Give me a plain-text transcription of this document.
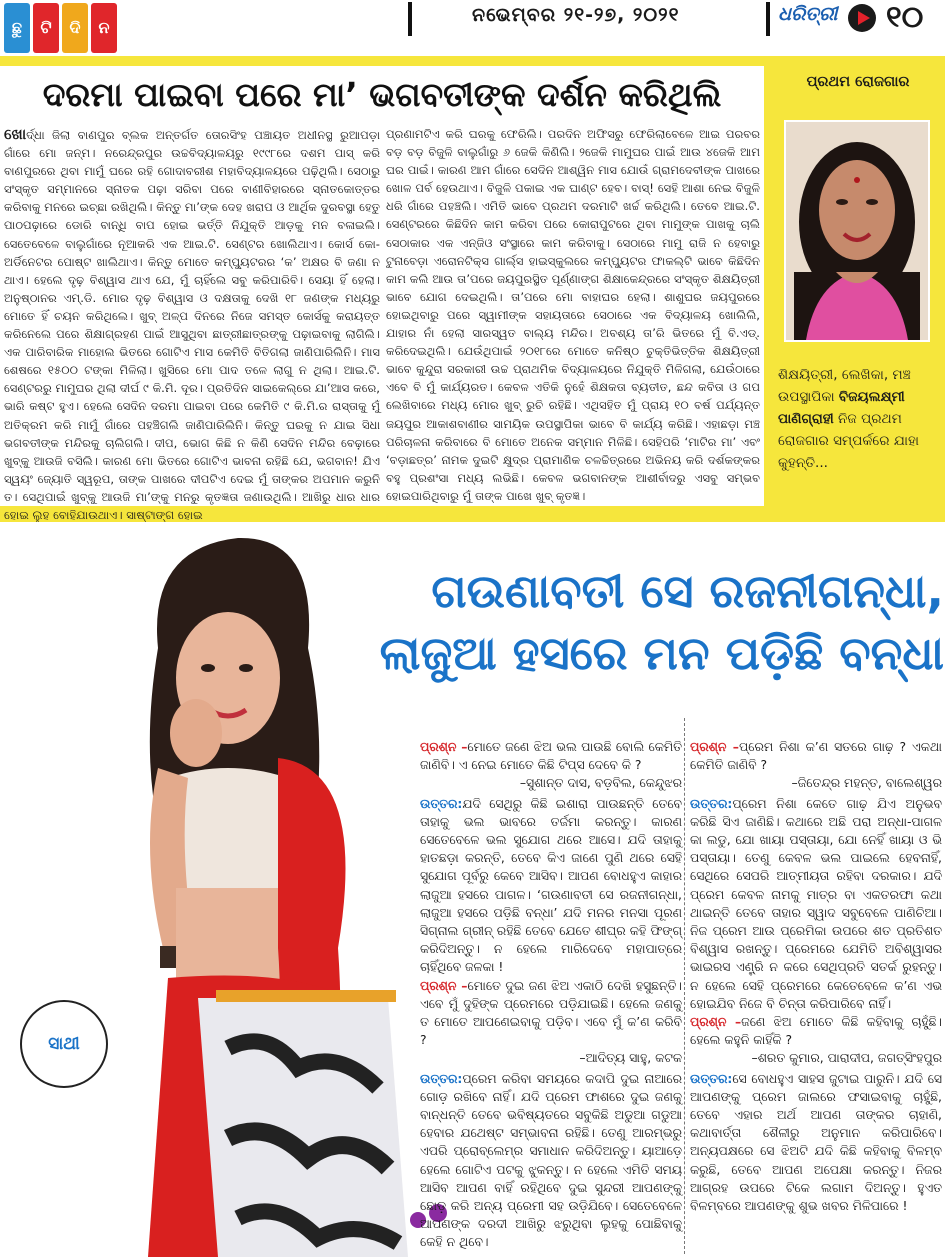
ଛୁ	ଟି	ଦି	ନ
ନଭେମ୍ବର ୨୧-୨୭, ୨୦୨୧	ଧରିତ୍ରୀ ୧୦
ଦରମା ପାଇବା ପରେ ମା’ ଭଗବତୀଙ୍କ ଦର୍ଶନ କରିଥିଲି
ଖୋର୍ଦ୍ଧା ଜିଲା ବାଣପୁର ବ୍ଲକ ଅନ୍ତର୍ଗତ ତୋରସିଂହ ପଞ୍ଚାୟତ ଅଧୀନସ୍ଥ ରୁଆପଡ଼ା ଗାଁରେ ମୋ ଜନ୍ମ। ନରେନ୍ଦ୍ରପୁର ଉଚ୍ଚବିଦ୍ୟାଳୟରୁ ୧୯୯୮ରେ ଦଶମ ପାସ୍ କରି ବାଣପୁରରେ ଥିବା ମାମୁଁ ଘରେ ରହି ଗୋଦାବରୀଶ ମହାବିଦ୍ୟାଳୟରେ ପଢ଼ିଥିଲି। ସେଠାରୁ ସଂସ୍କୃତ ସମ୍ମାନରେ ସ୍ନାତକ ପଢ଼ା ସରିବା ପରେ ବାଣୀବିହାରରେ ସ୍ନାତକୋତ୍ତର କରିବାକୁ ମନରେ ଇଚ୍ଛା ରଖିଥିଲି। କିନ୍ତୁ ମା’ଙ୍କ ଦେହ ଖରାପ ଓ ଆର୍ଥିକ ଦୁରବସ୍ଥା ହେତୁ ପାଠପଢ଼ାରେ ଡୋରି ବାନ୍ଧି ବାପ ହୋଇ ଭର୍ତ୍ତି ନିଯୁକ୍ତି ଆଡ଼କୁ ମନ ବଳାଇଲି। ସେତେବେଳେ ବାଲୁଗାଁରେ ନୂଆକରି ଏକ ଆଇ.ଟି. ସେଣ୍ଟର ଖୋଲିଥାଏ। କୋର୍ସ କୋ-ଅର୍ଡିନେଟର ପୋଷ୍ଟ ଖାଲିଥାଏ। କିନ୍ତୁ ମୋତେ କମ୍ପ୍ୟୁଟରର ‘କ’ ଅକ୍ଷର ବି ଜଣା ନ ଥାଏ। ହେଲେ ଦୃଢ଼ ବିଶ୍ୱାସ ଥାଏ ଯେ, ମୁଁ ଚାହିଁଲେ ସବୁ କରିପାରିବି। ସେୟା ହିଁ ହେଲା। ଅନୁଷ୍ଠାନର ଏମ୍.ଡି. ମୋର ଦୃଢ଼ ବିଶ୍ୱାସ ଓ ଦକ୍ଷତାକୁ ଦେଖି ୧୮ ଜଣଙ୍କ ମଧ୍ୟରୁ ମୋତେ ହିଁ ଚୟନ କରିଥିଲେ। ଖୁବ୍ ଅଳ୍ପ ଦିନରେ ନିଜେ ସମସ୍ତ କୋର୍ସକୁ କରାୟତ୍ତ କରିନେଲେ ପରେ ଶିକ୍ଷାଗ୍ରହଣ ପାଇଁ ଆସୁଥିବା ଛାତ୍ରୀଛାତ୍ରଙ୍କୁ ପଢ଼ାଇବାକୁ ଲାଗିଲି। ଏକ ପାରିବାରିକ ମାହୋଲ ଭିତରେ ଗୋଟିଏ ମାସ କେମିତି ବିତିଗଲା ଜାଣିପାରିଲିନି। ମାସ ଶେଷରେ ୧୫୦୦ ଟଙ୍କା ମିଳିଲା। ଖୁସିରେ ମୋ ପାଦ ତଳେ ଲାଗୁ ନ ଥିଲା। ଆଇ.ଟି. ସେଣ୍ଟରରୁ ମାମୁଘର ଥିଲା ଦୀର୍ଘ ୯ କି.ମି. ଦୂର। ପ୍ରତିଦିନ ସାଇକେଲ୍‌ରେ ଯା’ଆସ କରେ, ଭାରି କଷ୍ଟ ହୁଏ। ହେଲେ ସେଦିନ ଦରମା ପାଇବା ପରେ କେମିତି ୯ କି.ମି.ର ରାସ୍ତାକୁ ମୁଁ ଅତିକ୍ରମ କରି ମାମୁଁ ଗାଁରେ ପହଞ୍ଚିଗଲି ଜାଣିପାରିଲିନି। କିନ୍ତୁ ଘରକୁ ନ ଯାଇ ସିଧା ଭଗବତୀଙ୍କ ମନ୍ଦିରକୁ ଚାଲିଗଲି। ଦୀପ, ଭୋଗ କିଛି ନ କିଣି ସେଦିନ ମନ୍ଦିର ବେଢ଼ାରେ ଖୁବ୍‌କୁ ଆଉଜି ବସିଲି। କାରଣ ମୋ ଭିତରେ ଗୋଟିଏ ଭାବନା ରହିଛି ଯେ, ଭଗବାନ! ଯିଏ ସ୍ୱୟଂ ଜ୍ୟୋତି ସ୍ୱରୂପ, ତାଙ୍କ ପାଖରେ ଦୀପଟିଏ ଦେଇ ମୁଁ ତାଙ୍କର ଅପମାନ କରୁନି ତ। ସେଥିପାଇଁ ଖୁବ୍‌କୁ ଆଉଜି ମା’ଙ୍କୁ ମନରୁ କୃତଜ୍ଞତା ଜଣାଉଥିଲି। ଆଖିରୁ ଧାର ଧାର ହୋଇ ଲୁହ ବୋହିଯାଉଥାଏ। ସାଷ୍ଟାଙ୍ଗ ହୋଇ
ପ୍ରଣାମଟିଏ କରି ଘରକୁ ଫେରିଲି। ପରଦିନ ଅଫିସରୁ ଫେରିଲାବେଳେ ଆଇ ପରବର ବଡ଼ ବଡ଼ ବିଜୁଳି ବାଲୁଗାଁରୁ ୬ ଜେକି କିଣିଲି। ୨ଜେକି ମାମୁଘର ପାଇଁ ଆଉ ୪ଜେକି ଆମ ଘର ପାଇଁ। କାରଣ ଆମ ଗାଁରେ ସେଦିନ ଆଶ୍ୱିନ ମାସ ଯୋଉଁ ଗ୍ରାମଦେବୀଙ୍କ ପାଖରେ ଖୋଳ ପର୍ବ ହେଉଥାଏ। ବିଜୁଳି ପକାଇ ଏକ ଘାଣ୍ଟ ହେବ। ବାସ୍! ସେହି ଆଶା ନେଇ ବିଜୁଳି ଧରି ଗାଁରେ ପହଞ୍ଚଲି। ଏମିତି ଭାବେ ପ୍ରଥମ ଦରମାଟି ଖର୍ଚ୍ଚ କରିଥିଲି। ତେବେ ଆଇ.ଟି. ସେଣ୍ଟରରେ କିଛିଦିନ କାମ କରିବା ପରେ କୋରାପୁଟରେ ଥିବା ମାମୁଙ୍କ ପାଖକୁ ଚାଲି ସେଠାକାର ଏକ ଏନ୍‌ଜିଓ ସଂସ୍ଥାରେ କାମ କରିବାକୁ। ସେଠାରେ ମାମୁ ରାଜି ନ ହେବାରୁ ଟୁନାବେଡ଼ା ଏରୋନଟିକ୍ସ ଗାର୍ଲ୍ସ ହାଇସ୍କୁଲରେ କମ୍ପ୍ୟୁଟର ଫାକଲ୍ଟି ଭାବେ କିଛିଦିନ କାମ କଲି ଆଉ ତା’ପରେ ଜୟପୁରସ୍ଥିତ ପୂର୍ଣ୍ଣାଙ୍ଗ ଶିକ୍ଷାକେନ୍ଦ୍ରରେ ସଂସ୍କୃତ ଶିକ୍ଷୟିତ୍ରୀ ଭାବେ ଯୋଗ ଦେଇଥିଲି। ତା’ପରେ ମୋ ବାହାଘର ହେଲା। ଶାଶୁଘର ଜୟପୁରରେ ହୋଇଥିବାରୁ ପରେ ସ୍ୱାମୀଙ୍କ ସହାୟତାରେ ସେଠାରେ ଏକ ବିଦ୍ୟାଳୟ ଖୋଲିଲି, ଯାହାର ନାଁ ହେଲା ସାରସ୍ୱତ ବାଲ୍ୟ ମନ୍ଦିର। ଅବଶ୍ୟ ତା’ରି ଭିତରେ ମୁଁ ବି.ଏଡ୍. କରିଦେଇଥିଲି। ଯେଉଁଥିପାଇଁ ୨୦୧୮ରେ ମୋତେ କନିଷ୍ଠ ଚୁକ୍ତିଭିତ୍ତିକ ଶିକ୍ଷୟିତ୍ରୀ ଭାବେ କୁନ୍ଦୁରା ସରକାରୀ ଉଚ୍ଚ ପ୍ରାଥମିକ ବିଦ୍ୟାଳୟରେ ନିଯୁକ୍ତି ମିଳିଗଲା, ଯେଉଁଠାରେ ଏବେ ବି ମୁଁ କାର୍ଯ୍ୟରତ। କେବଳ ଏତିକି ନୁହେଁ ଶିକ୍ଷକତା ବ୍ୟତୀତ, ଛନ୍ଦ କବିତା ଓ ଗପ ଲେଖିବାରେ ମଧ୍ୟ ମୋର ଖୁବ୍ ରୁଚି ରହିଛି। ଏଥିସହିତ ମୁଁ ପ୍ରାୟ ୧୦ ବର୍ଷ ପର୍ଯ୍ୟନ୍ତ ଜୟପୁର ଆକାଶବାଣୀର ସାମୟିକ ଉପସ୍ଥାପିକା ଭାବେ ବି କାର୍ଯ୍ୟ କରିଛି। ଏହାଛଡ଼ା ମଞ୍ଚ ପରିଚାଳନା କରିବାରେ ବି ମୋତେ ଅନେକ ସମ୍ମାନ ମିଳିଛି। ସେହିପରି ‘ମାଟିର ମା’ ଏବଂ ‘ବଡ଼ାଛତ୍ର’ ନାମକ ଦୁଇଟି କ୍ଷୁଦ୍ର ପ୍ରାମାଣିକ ଚଳଚ୍ଚିତ୍ରରେ ଅଭିନୟ କରି ଦର୍ଶକଙ୍କର ବହୁ ପ୍ରଶଂସା ମଧ୍ୟ ଲଭିଛି। କେବଳ ଭଗବାନଙ୍କ ଆଶୀର୍ବାଦରୁ ଏସବୁ ସମ୍ଭବ ହୋଇପାରିଥିବାରୁ ମୁଁ ତାଙ୍କ ପାଖେ ଖୁବ୍ କୃତଜ୍ଞ।
ପ୍ରଥମ ରୋଜଗାର
ଶିକ୍ଷୟିତ୍ରୀ, ଲେଖିକା, ମଞ୍ଚ ଉପସ୍ଥାପିକା ବିଜୟଲକ୍ଷ୍ମୀ ପାଣିଗ୍ରାହୀ ନିଜ ପ୍ରଥମ ରୋଜଗାର ସମ୍ପର୍କରେ ଯାହା କୁହନ୍ତି...
ଗଉଣାବତୀ ସେ ରଜନୀଗନ୍ଧା,
ଲାଜୁଆ ହସରେ ମନ ପଡ଼ିଛି ବନ୍ଧା
ସାଥୀ

ପ୍ରଶ୍ନ –ମୋତେ ଜଣେ ଝିଅ ଭଲ ପାଉଛି ବୋଲି କେମିତି ଜାଣିବି। ଏ ନେଇ ମୋତେ କିଛି ଟିପ୍ସ ଦେବେ କି ?

–ସୁଶାନ୍ତ ଦାସ, ବଡ଼ବିଲ, କେନ୍ଦୁଝର

ଉତ୍ତର:ଯଦି ସେଥିରୁ କିଛି ଇଶାରା ପାଉଛନ୍ତି ତେବେ ତାହାକୁ ଭଲ ଭାବରେ ତର୍ଜମା କରନ୍ତୁ। କାରଣ ସେତେବେଳେ ଭଲ ସୁଯୋଗ ଥରେ ଆସେ। ଯଦି ତାହାକୁ ହାତଛଡ଼ା କରନ୍ତି, ତେବେ କିଏ ଜାଣେ ପୁଣି ଥରେ ସେହି ସୁଯୋଗ ପୂର୍ବରୁ କେବେ ଆସିବ। ଆପଣ ବୋଧହୁଏ କାହାର ଲାଜୁଆ ହସରେ ପାଗଳ। ‘ଗଉଣାବତୀ ସେ ରଜନୀଗନ୍ଧା, ଲାଜୁଆ ହସରେ ପଡ଼ିଛି ବନ୍ଧା’ ଯଦି ମନର ମନସା ପୂରଣ ସିଗ୍‌ନାଲ ଗ୍ରୀନ୍ ରହିଛି ତେବେ ଯେତେ ଶୀଘ୍ର କହି ଫିଙ୍ଗ୍ କରିଦିଅନ୍ତୁ। ନ ହେଲେ ମାରିଦେବେ ମହାପାତ୍ରେ ଚାହିଁଥିବେ ଜଳକା !

ପ୍ରଶ୍ନ –ମୋତେ ଦୁଇ ଜଣ ଝିଅ ଏକାଠି ଦେଖି ହସୁଛନ୍ତି। ଏବେ ମୁଁ ଦୁହିଙ୍କ ପ୍ରେମରେ ପଡ଼ିଯାଇଛି। ହେଲେ ଜଣକୁ ତ ମୋତେ ଆପଣେଇବାକୁ ପଡ଼ିବ। ଏବେ ମୁଁ କ’ଣ କରିବି ?

–ଆଦିତ୍ୟ ସାହୁ, କଟକ

ଉତ୍ତର:ପ୍ରେମ କରିବା ସମୟରେ କଦାପି ଦୁଇ ନାଆରେ ଗୋଡ଼ ରଖିବେ ନାହିଁ। ଯଦି ପ୍ରେମ ଫାଶରେ ଦୁଇ ଜଣକୁ ବାନ୍ଧନ୍ତି ତେବେ ଭବିଷ୍ୟତରେ ସବୁକିଛି ଅଡୁଆ ଗଡୁଆ ହେବାର ଯଥେଷ୍ଟ ସମ୍ଭାବନା ରହିଛି। ତେଣୁ ଆରମ୍ଭରୁ ଏପରି ପ୍ରୋବ୍ଲେମ୍‌ର ସମାଧାନ କରିଦିଅନ୍ତୁ। ୟାଆଡ଼େ ହେଲେ ଗୋଟିଏ ପଟକୁ ଝୁକନ୍ତୁ। ନ ହେଲେ ଏମିତି ସମୟ ଆସିବ ଆପଣ ବାହିଁ ରହିଥିବେ ଦୁଇ ସୁନ୍ଦରୀ ଆପଣଙ୍କୁ ଛୋଡ଼ କରି ଅନ୍ୟ ପ୍ରେମୀ ସହ ଉଡ଼ିଯିବେ। ସେତେବେଳେ ଆପଣଙ୍କ ଦରଦୀ ଆଖିରୁ ଝରୁଥିବା ଲୁହକୁ ପୋଛିବାକୁ କେହି ନ ଥିବେ।

ପ୍ରଶ୍ନ –ପ୍ରେମ ନିଶା କ’ଣ ସତରେ ଗାଢ଼ ? ଏକଥା କେମିତି ଜାଣିବି ?

–ଜିତେନ୍ଦ୍ର ମହନ୍ତ, ବାଲେଶ୍ୱର

ଉତ୍ତର:ପ୍ରେମ ନିଶା କେତେ ଗାଢ଼ ଯିଏ ଅନୁଭବ କରିଛି ସିଏ ଜାଣିଛି। କଥାରେ ଅଛି ପରା ଅନ୍ଧା-ପାଗଳ କା ଲଡୁ, ଯୋ ଖାୟା ପସ୍ତାୟା, ଯୋ ନେହିଁ ଖାୟା ଓ ଭି ପସ୍ତାୟା। ତେଣୁ କେବଳ ଭଲ ପାଇଲେ ହେବନାହିଁ, ସେଥିରେ ସେପରି ଆତ୍ମୀୟତା ରହିବା ଦରକାର। ଯଦି ପ୍ରେମ କେବଳ ନାମକୁ ମାତ୍ର ବା ଏକତରଫା କଥା ଥାଇନ୍ତି ତେବେ ତାହାର ସ୍ୱାଦ ସବୁବେଳେ ପାଣିଚିଆ। ନିଜ ପ୍ରେମ ଆଉ ପ୍ରେମିକା ଉପରେ ଶତ ପ୍ରତିଶତ ବିଶ୍ୱାସ ରଖନ୍ତୁ। ପ୍ରେମରେ ଯେମିତି ଅବିଶ୍ୱାସର ଭାଇରସ ଏଣ୍ଟ୍ରି ନ କରେ ସେଥିପ୍ରତି ସତର୍କ ରୁହନ୍ତୁ। ନ ହେଲେ ସେହି ପ୍ରେମରେ କେତେବେଳେ କ’ଣ ଏଭ ହୋଇଯିବ ନିଜେ ବି ଚିନ୍ତା କରିପାରିବେ ନାହିଁ।

ପ୍ରଶ୍ନ –ଜଣେ ଝିଅ ମୋତେ କିଛି କହିବାକୁ ଚାହୁଁଛି। ହେଲେ କହୁନି କାହିଁକି ?

–ଶରତ କୁମାର, ପାରାଦୀପ, ଜଗତ୍‌ସିଂହପୁର

ଉତ୍ତର:ସେ ବୋଧହୁଏ ସାହସ ଜୁଟାଇ ପାରୁନି। ଯଦି ସେ ଆପଣଙ୍କୁ ପ୍ରେମ ଜାଲରେ ଫସାଇବାକୁ ଚାହୁଁଛି, ତେବେ ଏହାର ଅର୍ଥ ଆପଣ ତାଙ୍କର ଚାହାଣି, କଥାବାର୍ତ୍ତା ଶୈଳୀରୁ ଅନୁମାନ କରିପାରିବେ। ଅନ୍ୟପକ୍ଷରେ ସେ ଝିଅଟି ଯଦି କିଛି କହିବାକୁ ବିଳମ୍ବ କରୁଛି, ତେବେ ଆପଣ ଅପେକ୍ଷା କରନ୍ତୁ। ନିଜର ଆଗ୍ରହ ଉପରେ ଟିକେ ଲଗାମ ଦିଅନ୍ତୁ। ହୁଏତ ବିଳମ୍ବରେ ଆପଣଙ୍କୁ ଶୁଭ ଖବର ମିଳିପାରେ !
